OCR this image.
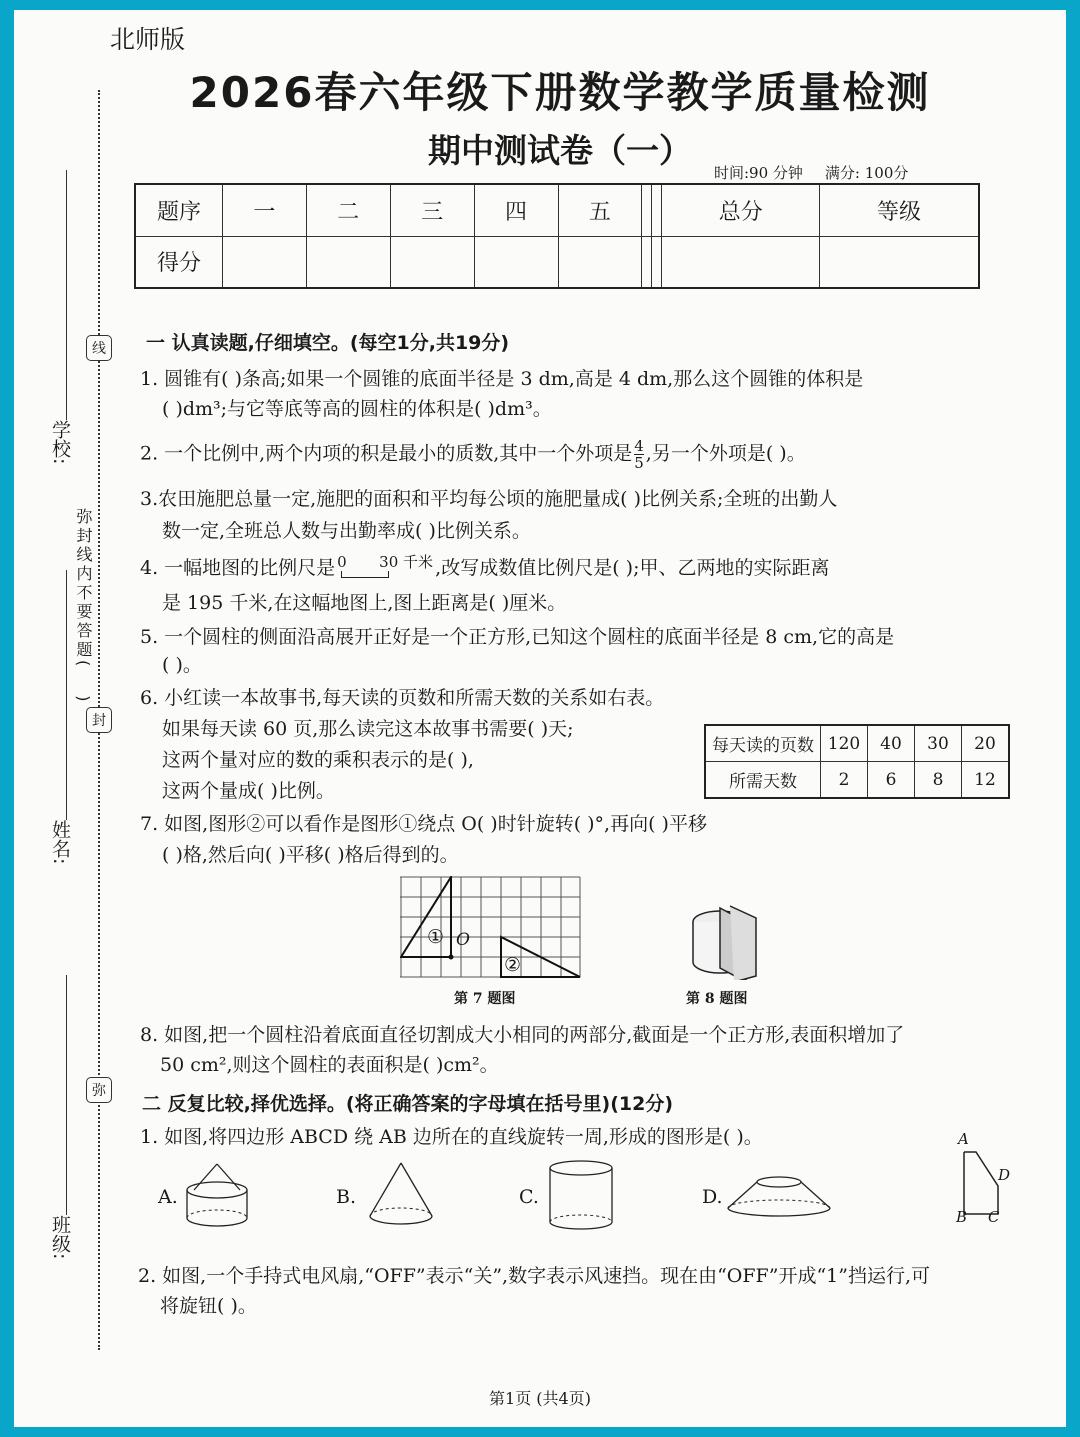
北师版
2026春六年级下册数学教学质量检测
期中测试卷（一）
时间:90 分钟 满分: 100分
题序	一	二	三	四	五			总分	等级
得分									
学校:
姓名:
班级:
弥封线内不要答题()
线
封
弥
一 认真读题,仔细填空。(每空1分,共19分)
1. 圆锥有( )条高;如果一个圆锥的底面半径是 3 dm,高是 4 dm,那么这个圆锥的体积是
( )dm³;与它等底等高的圆柱的体积是( )dm³。
2. 一个比例中,两个内项的积是最小的质数,其中一个外项是 $\frac{4}{5}$ ,另一个外项是( )。
3.农田施肥总量一定,施肥的面积和平均每公顷的施肥量成( )比例关系;全班的出勤人
数一定,全班总人数与出勤率成( )比例关系。
4. 一幅地图的比例尺是 0 30 千米 ,改写成数值比例尺是( );甲、乙两地的实际距离
是 195 千米,在这幅地图上,图上距离是( )厘米。
5. 一个圆柱的侧面沿高展开正好是一个正方形,已知这个圆柱的底面半径是 8 cm,它的高是
( )。
6. 小红读一本故事书,每天读的页数和所需天数的关系如右表。
如果每天读 60 页,那么读完这本故事书需要( )天;
这两个量对应的数的乘积表示的是( ),
这两个量成( )比例。
每天读的页数	120	40	30	20
所需天数	2	6	8	12
7. 如图,图形②可以看作是图形①绕点 O( )时针旋转( )°,再向( )平移
( )格,然后向( )平移( )格后得到的。
① O
②
第 7 题图	第 8 题图
8. 如图,把一个圆柱沿着底面直径切割成大小相同的两部分,截面是一个正方形,表面积增加了
50 cm²,则这个圆柱的表面积是( )cm²。
二 反复比较,择优选择。(将正确答案的字母填在括号里)(12分)
1. 如图,将四边形 ABCD 绕 AB 边所在的直线旋转一周,形成的图形是( )。	A
D
B C
A.	B.	C.	D.
2. 如图,一个手持式电风扇,“OFF”表示“关”,数字表示风速挡。现在由“OFF”开成“1”挡运行,可
将旋钮( )。
第1页 (共4页)
